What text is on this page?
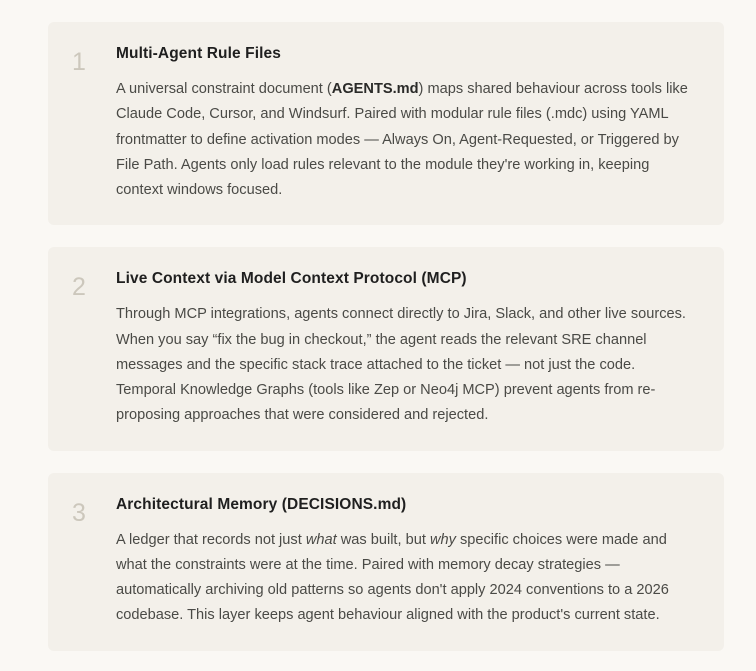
1	Multi-Agent Rule Files

A universal constraint document (AGENTS.md) maps shared behaviour across tools like Claude Code, Cursor, and Windsurf. Paired with modular rule files (.mdc) using YAML frontmatter to define activation modes — Always On, Agent-Requested, or Triggered by File Path. Agents only load rules relevant to the module they're working in, keeping context windows focused.

2	Live Context via Model Context Protocol (MCP)

Through MCP integrations, agents connect directly to Jira, Slack, and other live sources. When you say “fix the bug in checkout,” the agent reads the relevant SRE channel messages and the specific stack trace attached to the ticket — not just the code. Temporal Knowledge Graphs (tools like Zep or Neo4j MCP) prevent agents from re-proposing approaches that were considered and rejected.

3	Architectural Memory (DECISIONS.md)

A ledger that records not just what was built, but why specific choices were made and what the constraints were at the time. Paired with memory decay strategies — automatically archiving old patterns so agents don't apply 2024 conventions to a 2026 codebase. This layer keeps agent behaviour aligned with the product's current state.
